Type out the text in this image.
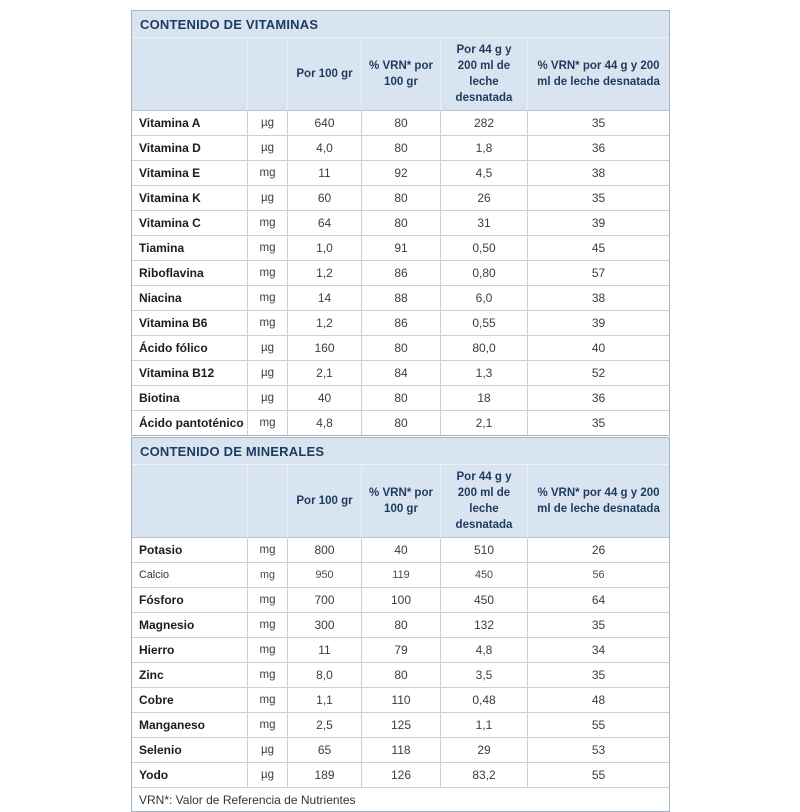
CONTENIDO DE VITAMINAS					
		Por 100 gr	% VRN* por 100 gr	Por 44 g y 200 ml de leche desnatada	% VRN* por 44 g y 200 ml de leche desnatada
Vitamina A	µg	640	80	282	35
Vitamina D	µg	4,0	80	1,8	36
Vitamina E	mg	11	92	4,5	38
Vitamina K	µg	60	80	26	35
Vitamina C	mg	64	80	31	39
Tiamina	mg	1,0	91	0,50	45
Riboflavina	mg	1,2	86	0,80	57
Niacina	mg	14	88	6,0	38
Vitamina B6	mg	1,2	86	0,55	39
Ácido fólico	µg	160	80	80,0	40
Vitamina B12	µg	2,1	84	1,3	52
Biotina	µg	40	80	18	36
Ácido pantoténico	mg	4,8	80	2,1	35
CONTENIDO DE MINERALES					
		Por 100 gr	% VRN* por 100 gr	Por 44 g y 200 ml de leche desnatada	% VRN* por 44 g y 200 ml de leche desnatada
Potasio	mg	800	40	510	26
Calcio	mg	950	119	450	56
Fósforo	mg	700	100	450	64
Magnesio	mg	300	80	132	35
Hierro	mg	11	79	4,8	34
Zinc	mg	8,0	80	3,5	35
Cobre	mg	1,1	110	0,48	48
Manganeso	mg	2,5	125	1,1	55
Selenio	µg	65	118	29	53
Yodo	µg	189	126	83,2	55
VRN*: Valor de Referencia de Nutrientes					
